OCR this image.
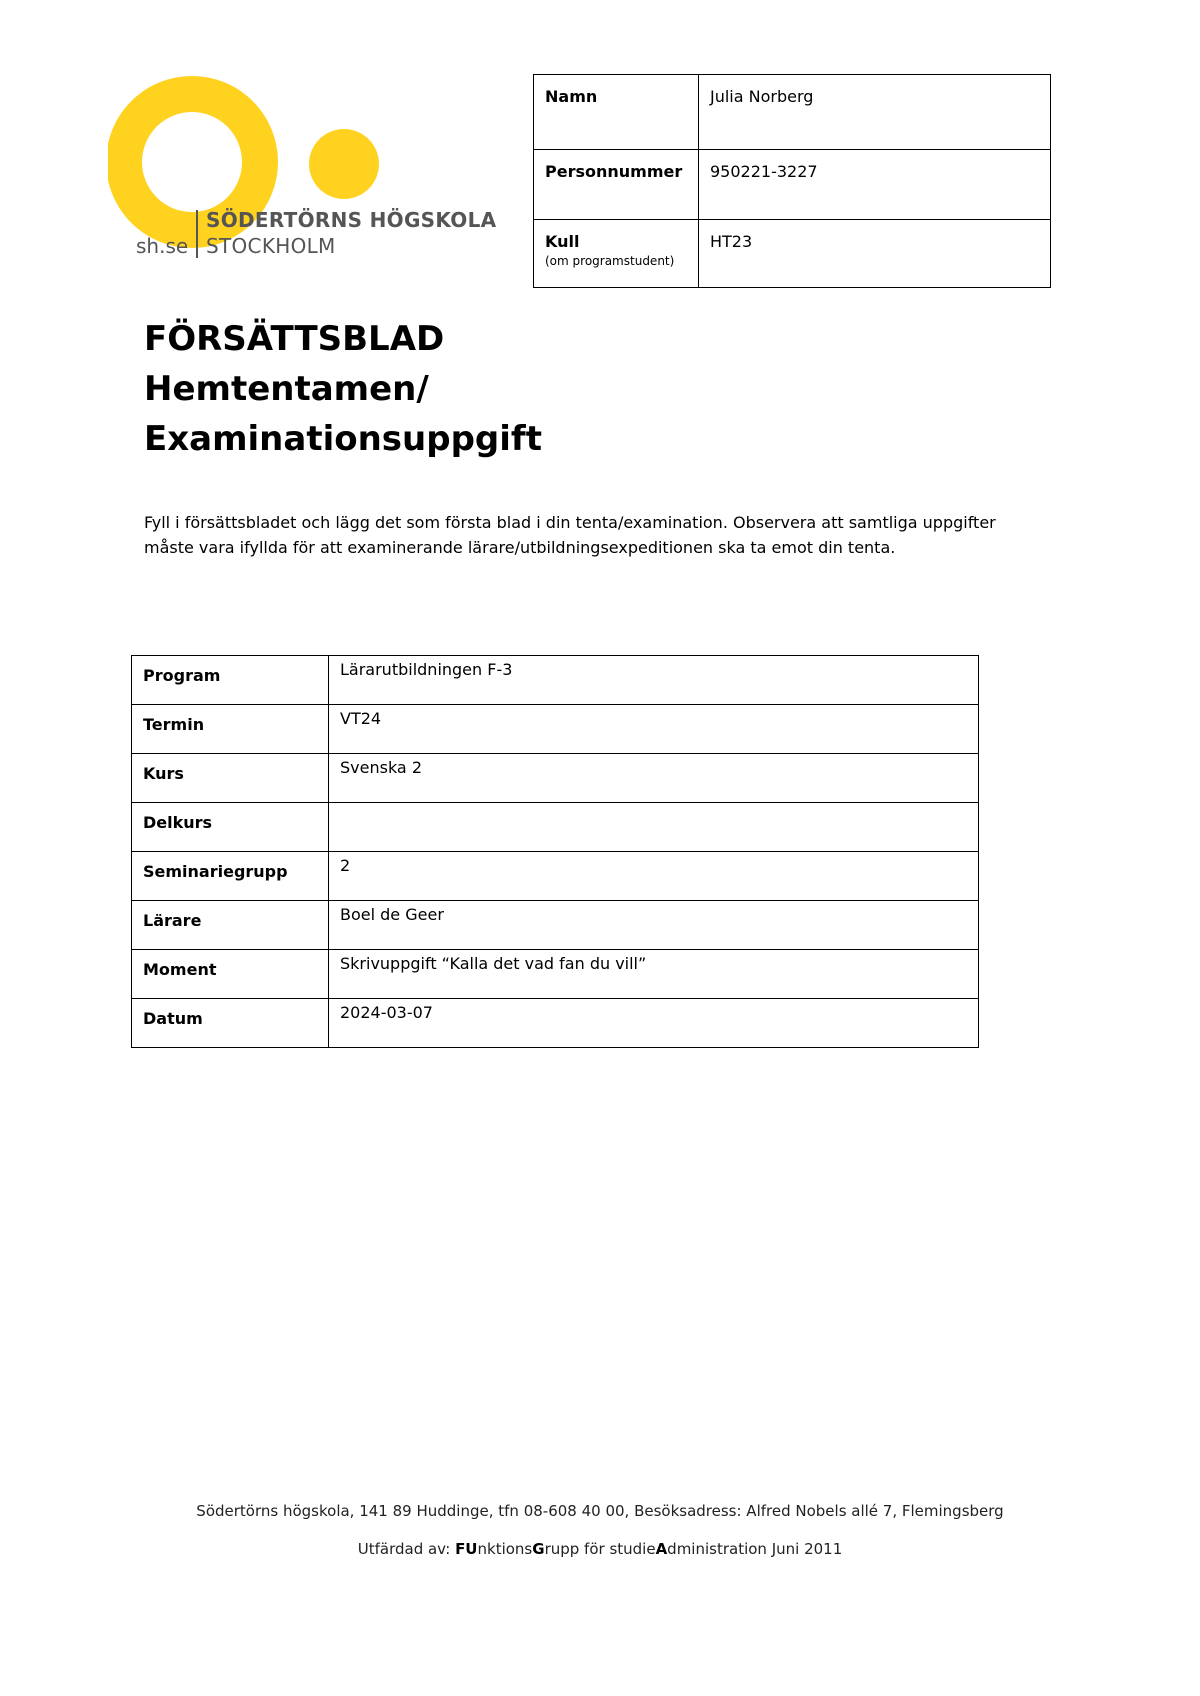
SÖDERTÖRNS HÖGSKOLA
STOCKHOLM
sh.se
Namn	Julia Norberg
Personnummer	950221-3227
Kull
(om programstudent)	HT23
FÖRSÄTTSBLAD
Hemtentamen/
Examinationsuppgift

Fyll i försättsbladet och lägg det som första blad i din tenta/examination. Observera att samtliga uppgifter måste vara ifyllda för att examinerande lärare/utbildningsexpeditionen ska ta emot din tenta.

Program	Lärarutbildningen F-3
Termin	VT24
Kurs	Svenska 2
Delkurs	
Seminariegrupp	2
Lärare	Boel de Geer
Moment	Skrivuppgift “Kalla det vad fan du vill”
Datum	2024-03-07
Södertörns högskola, 141 89 Huddinge, tfn 08-608 40 00, Besöksadress: Alfred Nobels allé 7, Flemingsberg
Utfärdad av: FUnktionsGrupp för studieAdministration Juni 2011
